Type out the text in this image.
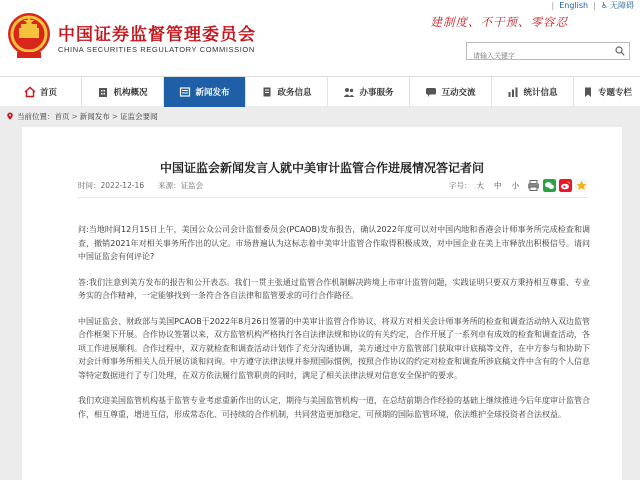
中国证券监督管理委员会
CHINA SECURITIES REGULATORY COMMISSION
| English | ♿ 无障碍
建制度、不干预、零容忍
请输入关键字
首页	机构概况	新闻发布	政务信息	办事服务	互动交流	统计信息	专题专栏
当前位置： 首页 > 新闻发布 > 证监会要闻
中国证监会新闻发言人就中美审计监管合作进展情况答记者问
时间：2022-12-16 来源：证监会	字号： 大 中 小

问:当地时间12月15日上午，美国公众公司会计监督委员会(PCAOB)发布报告，确认2022年度可以对中国内地和香港会计师事务所完成检查和调查，撤销2021年对相关事务所作出的认定。市场普遍认为这标志着中美审计监管合作取得积极成效，对中国企业在美上市释放出积极信号。请问中国证监会有何评论?

答:我们注意到美方发布的报告和公开表态。我们一贯主张通过监管合作机制解决跨境上市审计监管问题，实践证明只要双方秉持相互尊重、专业务实的合作精神，一定能够找到一条符合各自法律和监管要求的可行合作路径。

中国证监会、财政部与美国PCAOB于2022年8月26日签署的中美审计监管合作协议，将双方对相关会计师事务所的检查和调查活动纳入双边监管合作框架下开展。合作协议签署以来，双方监管机构严格执行各自法律法规和协议的有关约定，合作开展了一系列卓有成效的检查和调查活动，各项工作进展顺利。合作过程中，双方就检查和调查活动计划作了充分沟通协调，美方通过中方监管部门获取审计底稿等文件，在中方参与和协助下对会计师事务所相关人员开展访谈和问询。中方遵守法律法规并参照国际惯例，按照合作协议的约定对检查和调查所涉底稿文件中含有的个人信息等特定数据进行了专门处理，在双方依法履行监管职责的同时，满足了相关法律法规对信息安全保护的要求。

我们欢迎美国监管机构基于监管专业考虑重新作出的认定，期待与美国监管机构一道，在总结前期合作经验的基础上继续推进今后年度审计监管合作，相互尊重，增进互信，形成常态化、可持续的合作机制，共同营造更加稳定、可预期的国际监管环境，依法维护全球投资者合法权益。
